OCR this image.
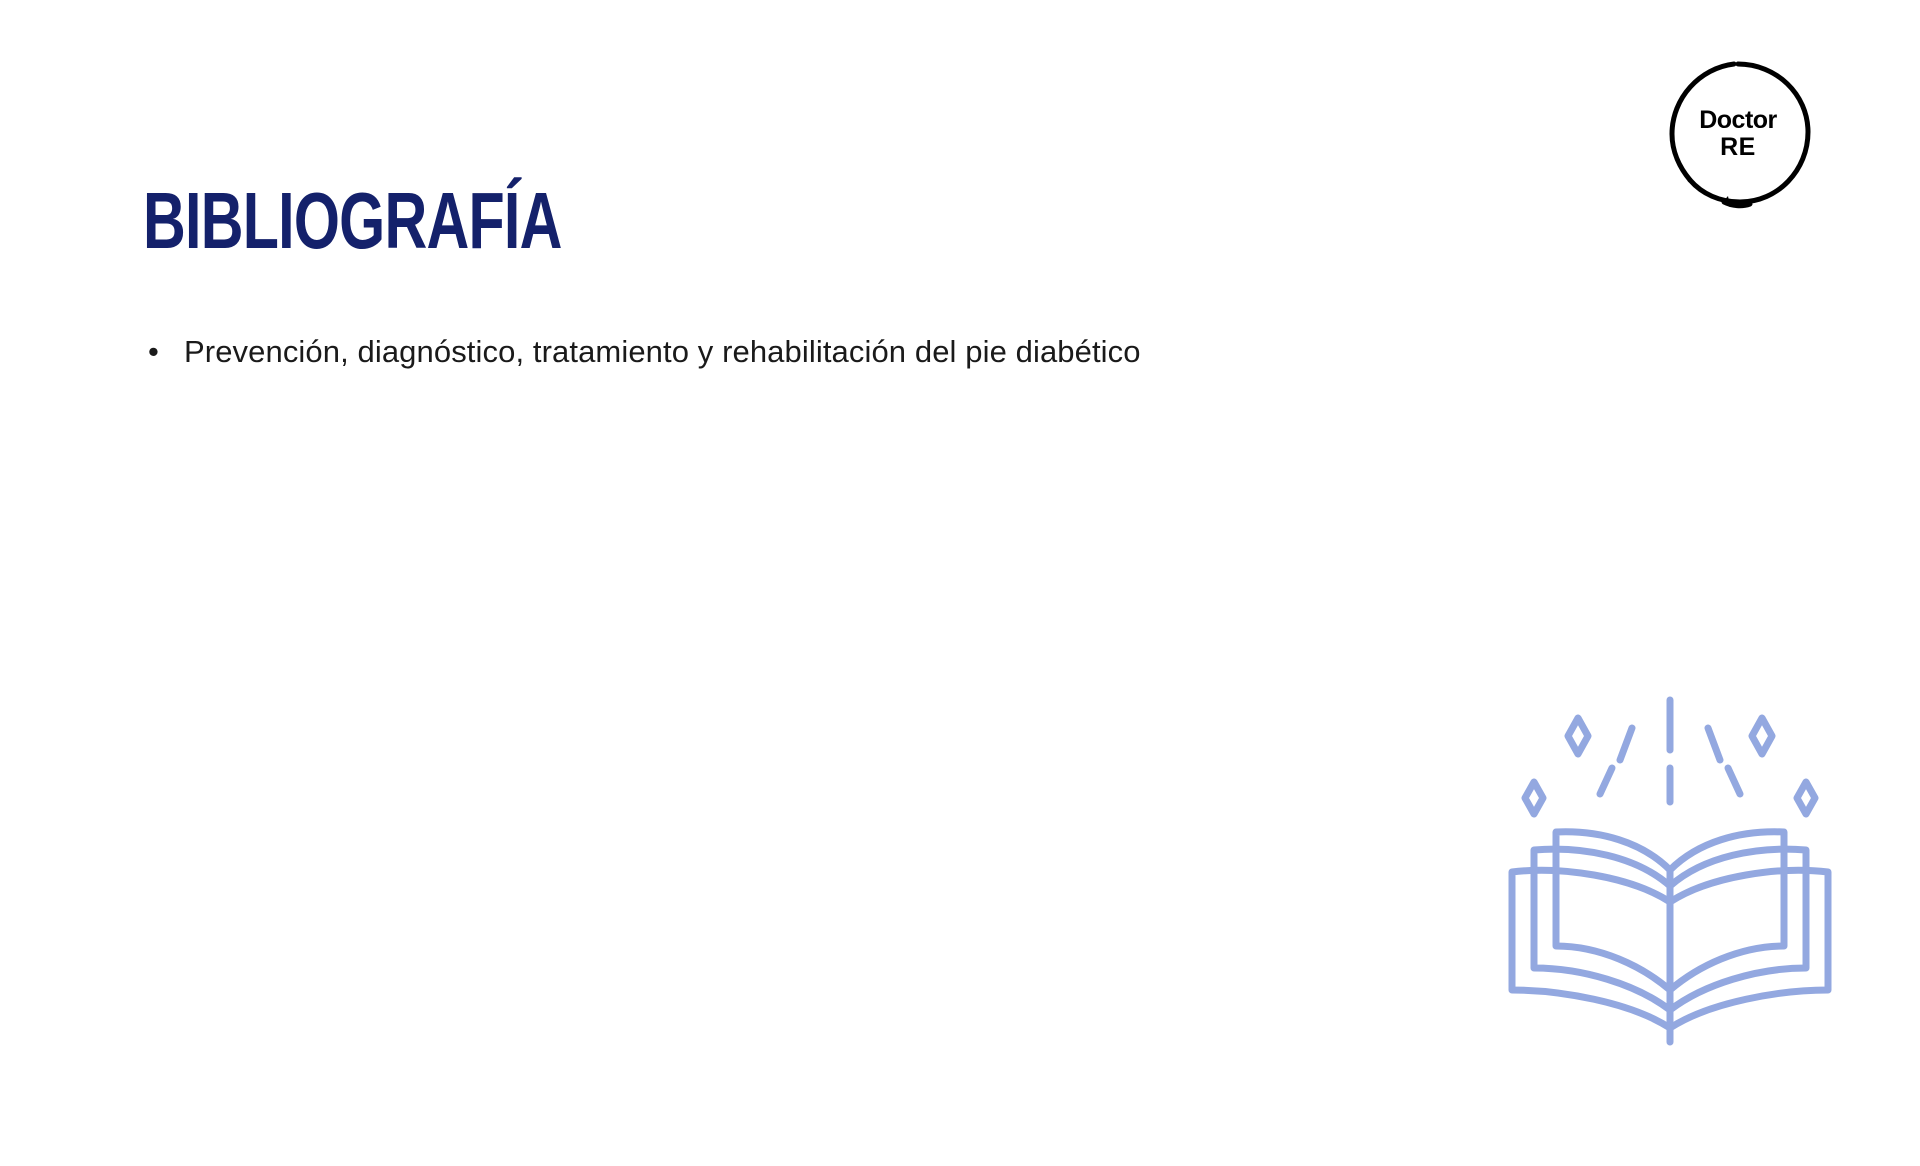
BIBLIOGRAFÍA
• Prevención, diagnóstico, tratamiento y rehabilitación del pie diabético
Doctor
RE
